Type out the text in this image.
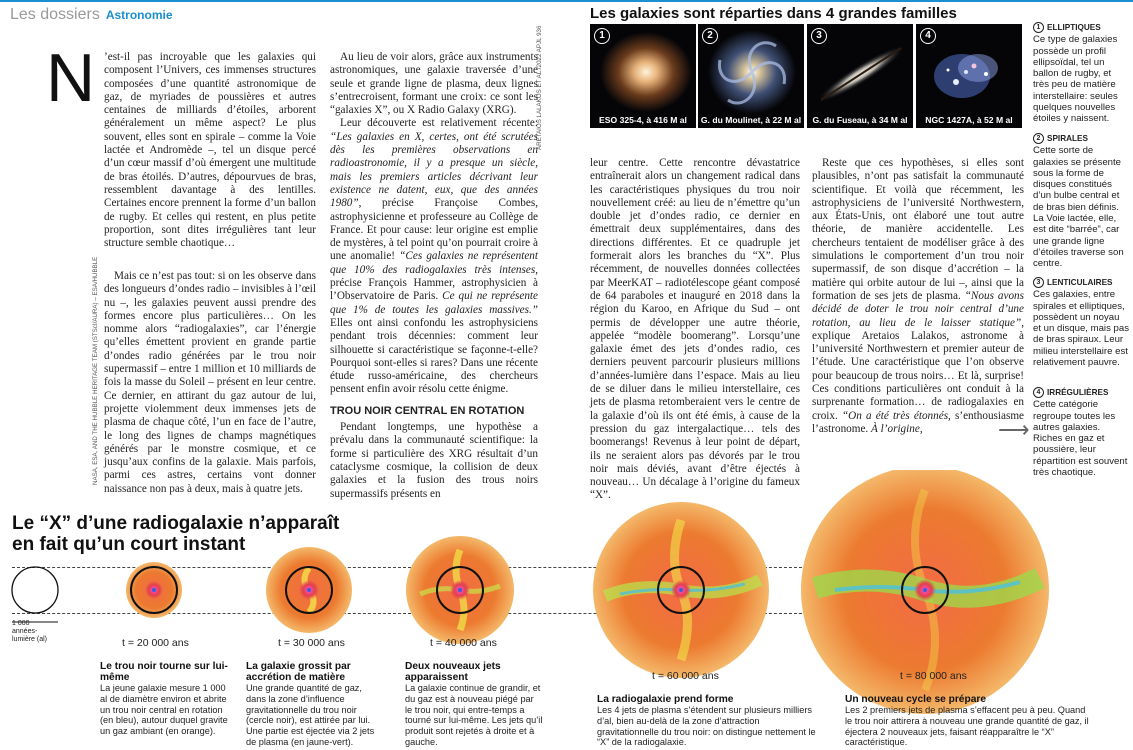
Les dossiers Astronomie
NASA, ESA, AND THE HUBBLE HERITAGE TEAM (STScI/AURA) – ESA/HUBBLE
ARETAIOS LALAKOS ET AL./2022 APJL 936
N ’est-il pas incroyable que les galaxies qui composent l’Univers, ces immenses structures composées d’une quantité astronomique de gaz, de myriades de poussières et autres centaines de milliards d’étoiles, arborent généralement un même aspect? Le plus souvent, elles sont en spirale – comme la Voie lactée et Andromède –, tel un disque percé d’un cœur massif d’où émergent une multitude de bras étoilés. D’autres, dépourvues de bras, ressemblent davantage à des lentilles. Certaines encore prennent la forme d’un ballon de rugby. Et celles qui restent, en plus petite proportion, sont dites irrégulières tant leur structure semble chaotique…

Mais ce n’est pas tout: si on les observe dans des longueurs d’ondes radio – invisibles à l’œil nu –, les galaxies peuvent aussi prendre des formes encore plus particulières… On les nomme alors “radiogalaxies”, car l’énergie qu’elles émettent provient en grande partie d’ondes radio générées par le trou noir supermassif – entre 1 million et 10 milliards de fois la masse du Soleil – présent en leur centre. Ce dernier, en attirant du gaz autour de lui, projette violemment deux immenses jets de plasma de chaque côté, l’un en face de l’autre, le long des lignes de champs magnétiques générés par le monstre cosmique, et ce jusqu’aux confins de la galaxie. Mais parfois, parmi ces astres, certains vont donner naissance non pas à deux, mais à quatre jets.

Au lieu de voir alors, grâce aux instruments astronomiques, une galaxie traversée d’une seule et grande ligne de plasma, deux lignes s’entrecroisent, formant une croix: ce sont les “galaxies X”, ou X Radio Galaxy (XRG).

Leur découverte est relativement récente: “Les galaxies en X, certes, ont été scrutées dès les premières observations en radioastronomie, il y a presque un siècle, mais les premiers articles décrivant leur existence ne datent, eux, que des années 1980”, précise Françoise Combes, astrophysicienne et professeure au Collège de France. Et pour cause: leur origine est emplie de mystères, à tel point qu’on pourrait croire à une anomalie! “Ces galaxies ne représentent que 10% des radiogalaxies très intenses, précise François Hammer, astrophysicien à l’Observatoire de Paris. Ce qui ne représente que 1% de toutes les galaxies massives.” Elles ont ainsi confondu les astrophysiciens pendant trois décennies: comment leur silhouette si caractéristique se façonne-t-elle? Pourquoi sont-elles si rares? Dans une récente étude russo-américaine, des chercheurs pensent enfin avoir résolu cette énigme.

TROU NOIR CENTRAL EN ROTATION

Pendant longtemps, une hypothèse a prévalu dans la communauté scientifique: la forme si particulière des XRG résultait d’un cataclysme cosmique, la collision de deux galaxies et la fusion des trous noirs supermassifs présents en

leur centre. Cette rencontre dévastatrice entraînerait alors un changement radical dans les caractéristiques physiques du trou noir nouvellement créé: au lieu de n’émettre qu’un double jet d’ondes radio, ce dernier en émettrait deux supplémentaires, dans des directions différentes. Et ce quadruple jet formerait alors les branches du “X”. Plus récemment, de nouvelles données collectées par MeerKAT – radiotélescope géant composé de 64 paraboles et inauguré en 2018 dans la région du Karoo, en Afrique du Sud – ont permis de développer une autre théorie, appelée “modèle boomerang”. Lorsqu’une galaxie émet des jets d’ondes radio, ces derniers peuvent parcourir plusieurs millions d’années-lumière dans l’espace. Mais au lieu de se diluer dans le milieu interstellaire, ces jets de plasma retomberaient vers le centre de la galaxie d’où ils ont été émis, à cause de la pression du gaz intergalactique… tels des boomerangs! Revenus à leur point de départ, ils ne seraient alors pas dévorés par le trou noir mais déviés, avant d’être éjectés à nouveau… Un décalage à l’origine du fameux “X”.

Reste que ces hypothèses, si elles sont plausibles, n’ont pas satisfait la communauté scientifique. Et voilà que récemment, les astrophysiciens de l’université Northwestern, aux États-Unis, ont élaboré une tout autre théorie, de manière accidentelle. Les chercheurs tentaient de modéliser grâce à des simulations le comportement d’un trou noir supermassif, de son disque d’accrétion – la matière qui orbite autour de lui –, ainsi que la formation de ses jets de plasma. “Nous avons décidé de doter le trou noir central d’une rotation, au lieu de le laisser statique”, explique Aretaios Lalakos, astronome à l’université Northwestern et premier auteur de l’étude. Une caractéristique que l’on observe pour beaucoup de trous noirs… Et là, surprise! Ces conditions particulières ont conduit à la surprenante formation… de radiogalaxies en croix. “On a été très étonnés, s’enthousiasme l’astronome. À l’origine,	⟶
Les galaxies sont réparties dans 4 grandes familles
1
ESO 325-4, à 416 M al
2
G. du Moulinet, à 22 M al
3
G. du Fuseau, à 34 M al
4
NGC 1427A, à 52 M al
1 ELLIPTIQUES
Ce type de galaxies possède un profil ellipsoïdal, tel un ballon de rugby, et très peu de matière interstellaire: seules quelques nouvelles étoiles y naissent.
2 SPIRALES
Cette sorte de galaxies se présente sous la forme de disques constitués d’un bulbe central et de bras bien définis. La Voie lactée, elle, est dite “barrée”, car une grande ligne d’étoiles traverse son centre.
3 LENTICULAIRES
Ces galaxies, entre spirales et elliptiques, possèdent un noyau et un disque, mais pas de bras spiraux. Leur milieu interstellaire est relativement pauvre.
4 IRRÉGULIÈRES
Cette catégorie regroupe toutes les autres galaxies. Riches en gaz et poussière, leur répartition est souvent très chaotique.
Le “X” d’une radiogalaxie n’apparaît
en fait qu’un court instant
1 000 années-lumière (al)	t = 20 000 ans	t = 30 000 ans	t = 40 000 ans
t = 60 000 ans	t = 80 000 ans
Le trou noir tourne sur lui-même
La jeune galaxie mesure 1 000 al de diamètre environ et abrite un trou noir central en rotation (en bleu), autour duquel gravite un gaz ambiant (en orange).
La galaxie grossit par accrétion de matière
Une grande quantité de gaz, dans la zone d’influence gravitationnelle du trou noir (cercle noir), est attirée par lui. Une partie est éjectée via 2 jets de plasma (en jaune-vert).
Deux nouveaux jets apparaissent
La galaxie continue de grandir, et du gaz est à nouveau piégé par le trou noir, qui entre-temps a tourné sur lui-même. Les jets qu’il produit sont rejetés à droite et à gauche.
La radiogalaxie prend forme
Les 4 jets de plasma s’étendent sur plusieurs milliers d’al, bien au-delà de la zone d’attraction gravitationnelle du trou noir: on distingue nettement le “X” de la radiogalaxie.
Un nouveau cycle se prépare
Les 2 premiers jets de plasma s’effacent peu à peu. Quand le trou noir attirera à nouveau une grande quantité de gaz, il éjectera 2 nouveaux jets, faisant réapparaître le “X” caractéristique.
